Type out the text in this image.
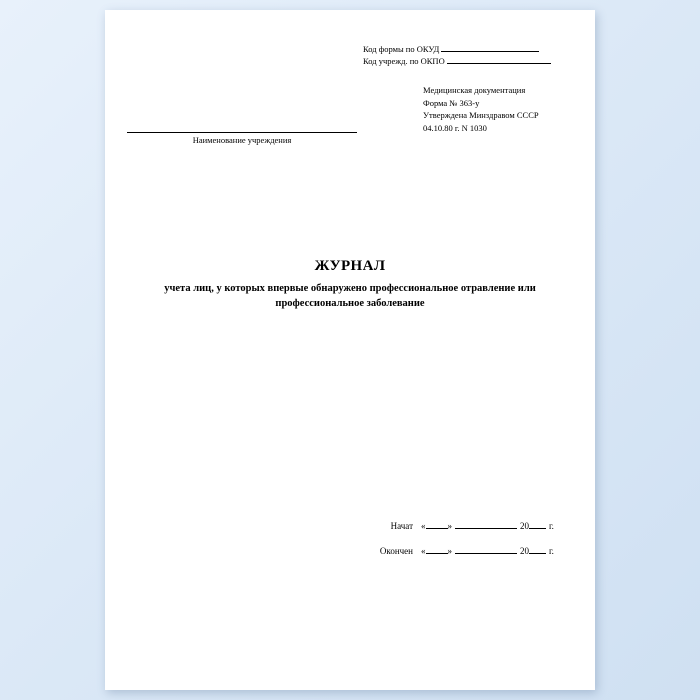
Код формы по ОКУД
Код учрежд. по ОКПО
Медицинская документация
Форма № 363-у
Утверждена Минздравом СССР
04.10.80 г. N 1030
Наименование учреждения
ЖУРНАЛ
учета лиц, у которых впервые обнаружено профессиональное отравление или профессиональное заболевание
Начат « »	20 г.
Окончен « »	20 г.
